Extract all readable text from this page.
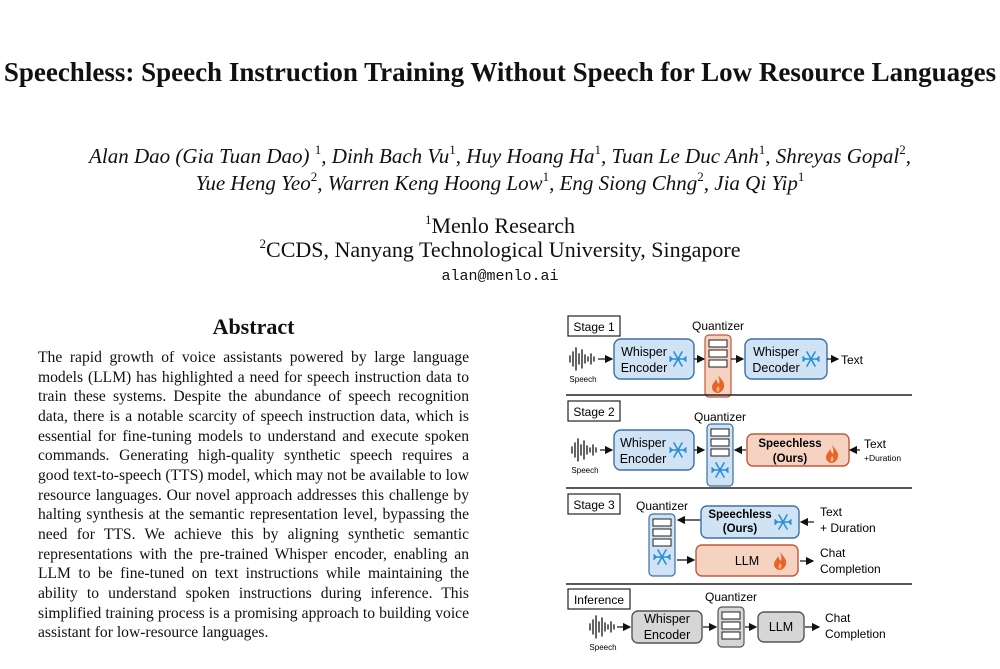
Speechless: Speech Instruction Training Without Speech for Low Resource Languages
Alan Dao (Gia Tuan Dao) $^1$, Dinh Bach Vu$^1$, Huy Hoang Ha$^1$, Tuan Le Duc Anh$^1$, Shreyas Gopal$^2$,
Yue Heng Yeo$^2$, Warren Keng Hoong Low$^1$, Eng Siong Chng$^2$, Jia Qi Yip$^1$
$^1$Menlo Research
$^2$CCDS, Nanyang Technological University, Singapore
alan@menlo.ai
Abstract
The rapid growth of voice assistants powered by large language models (LLM) has highlighted a need for speech instruction data to train these systems. Despite the abundance of speech recognition data, there is a notable scarcity of speech instruction data, which is essential for fine-tuning models to understand and execute spoken commands. Generating high-quality synthetic speech requires a good text-to-speech (TTS) model, which may not be available to low resource languages. Our novel approach addresses this challenge by halting synthesis at the semantic representation level, bypassing the need for TTS. We achieve this by aligning synthetic semantic representations with the pre-trained Whisper encoder, enabling an LLM to be fine-tuned on text instructions while maintaining the ability to understand spoken instructions during inference. This simplified training process is a promising approach to building voice assistant for low-resource languages.
Stage 1
Speech
Whisper
Encoder
Quantizer
Whisper
Decoder
Text
Stage 2
Speech
Whisper
Encoder
Quantizer
Speechless
(Ours)
Text
+Duration
Stage 3 Quantizer
Speechless
(Ours)
Text
+ Duration
LLM
Chat
Completion
Inference
Speech
Whisper
Encoder
Quantizer
LLM
Chat
Completion
